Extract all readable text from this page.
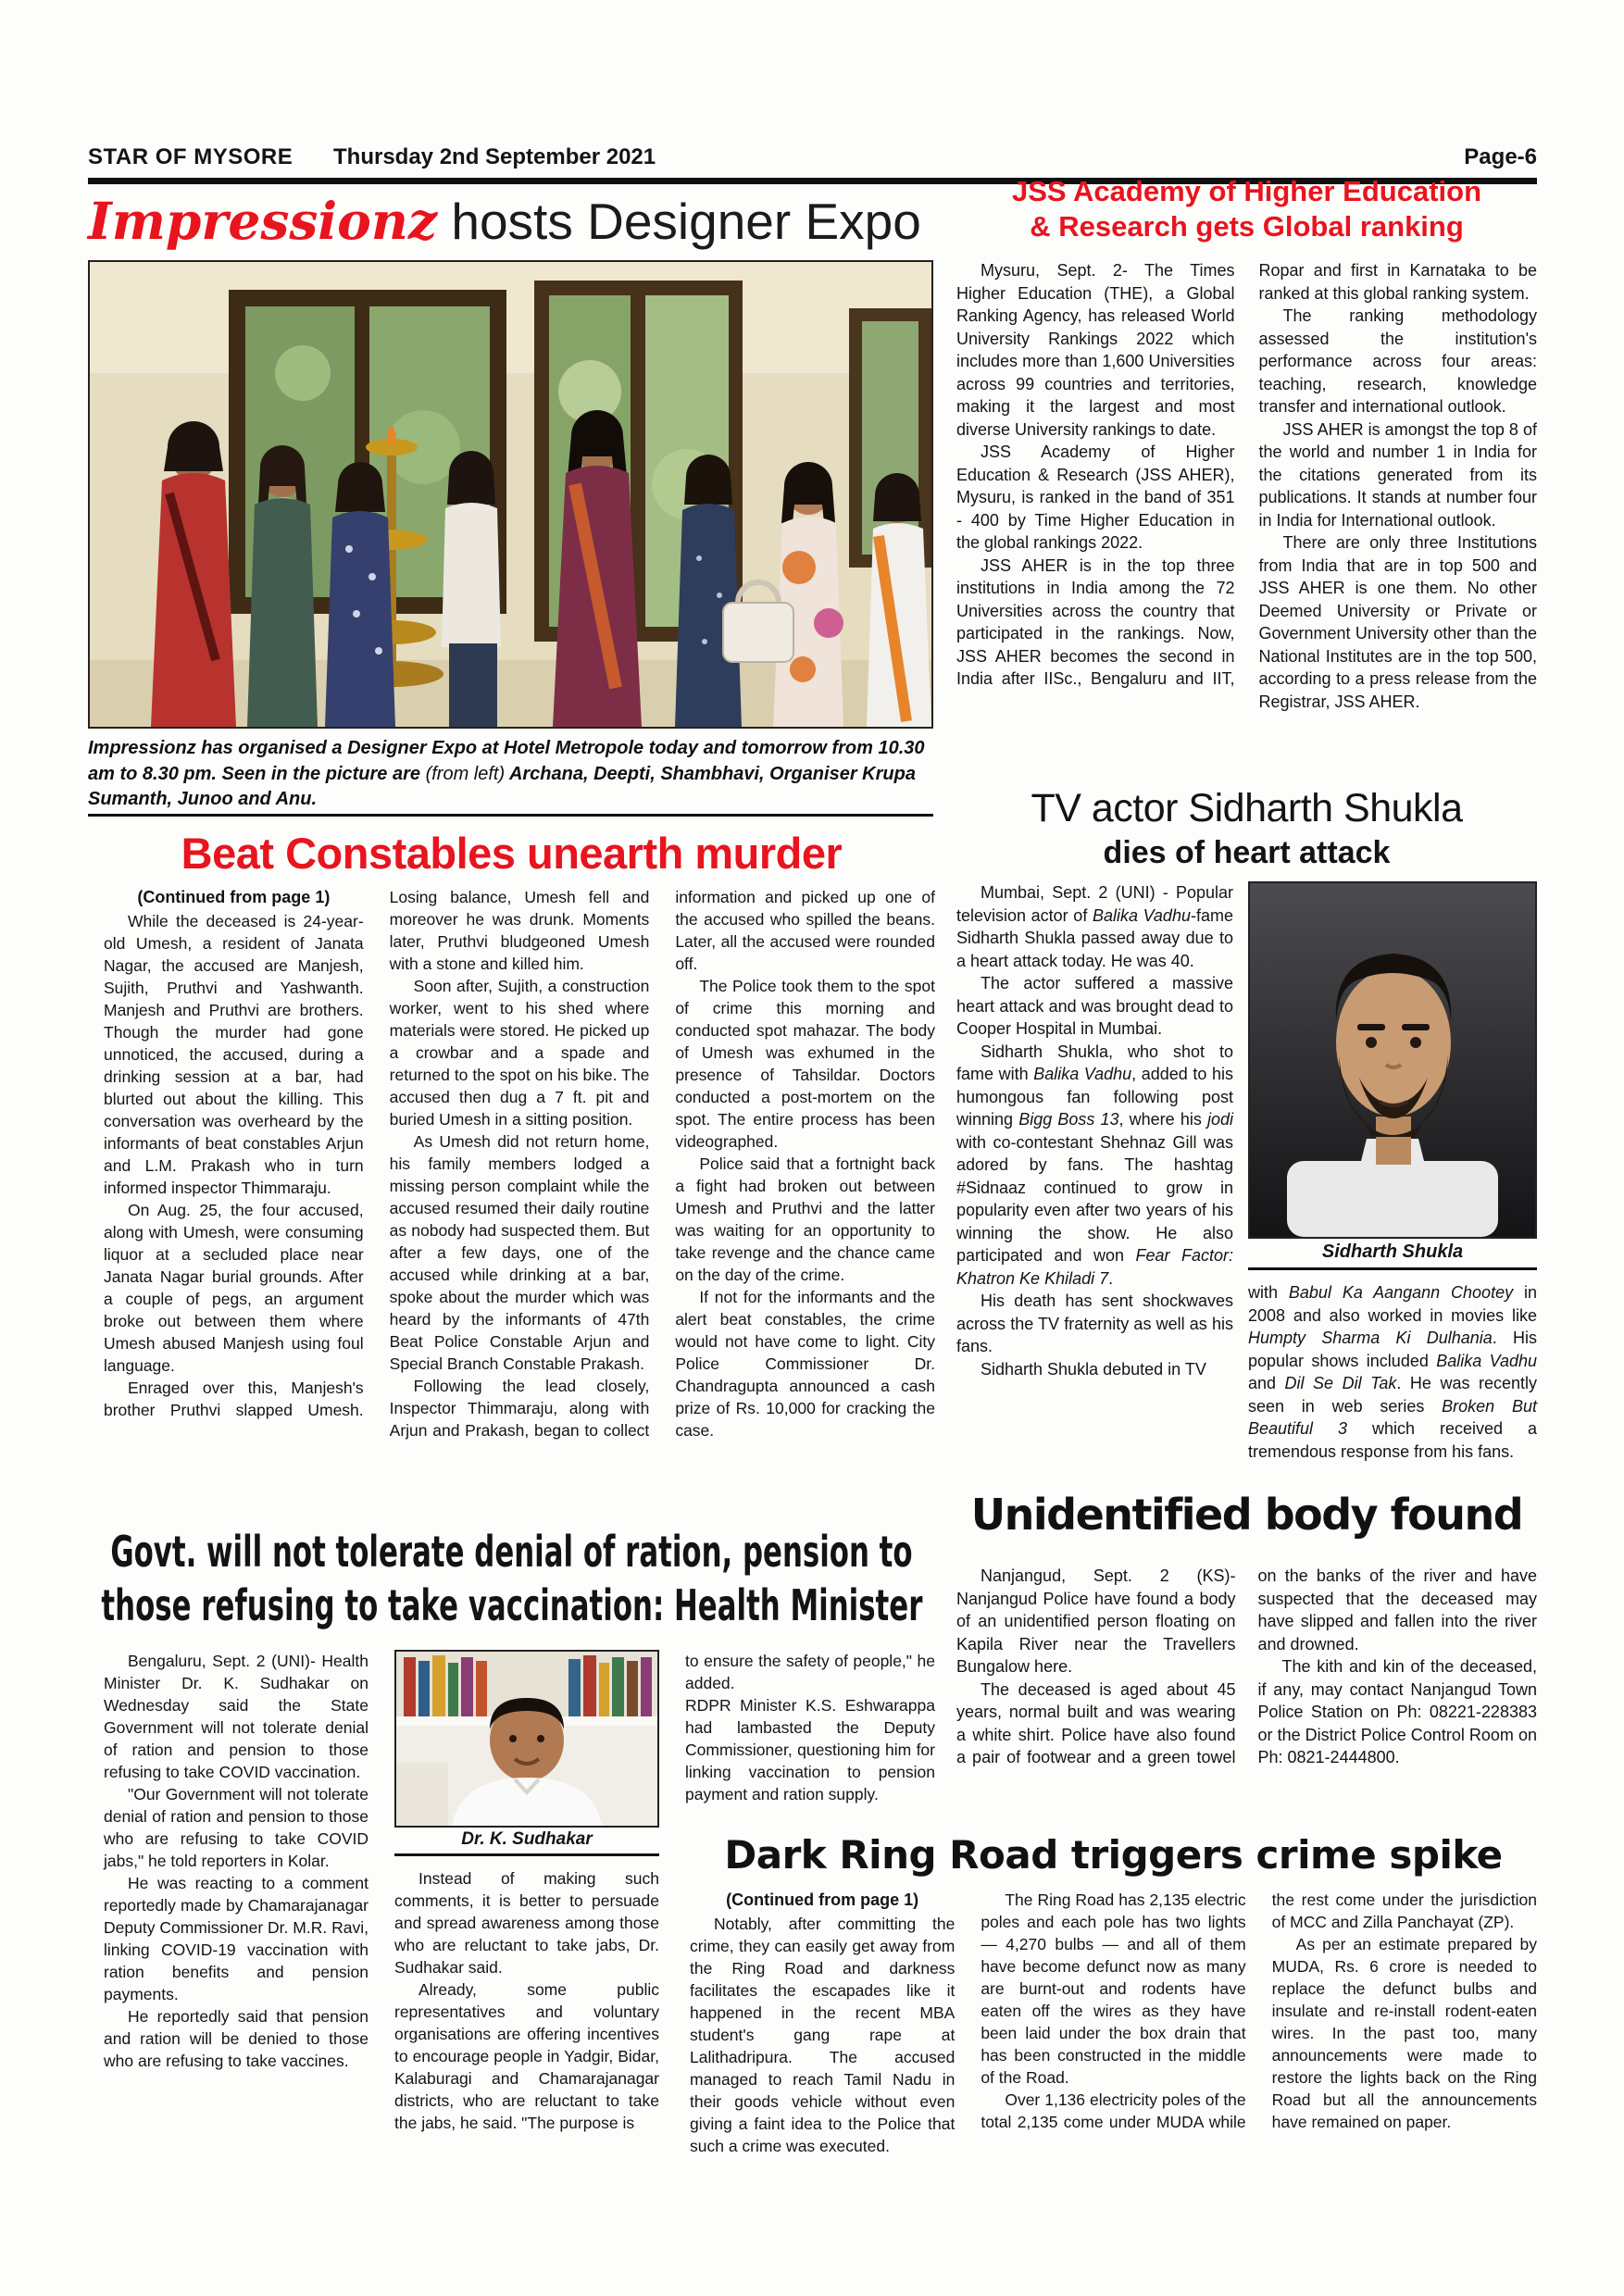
STAR OF MYSORE Thursday 2nd September 2021	Page-6
Impressionz hosts Designer Expo
Impressionz has organised a Designer Expo at Hotel Metropole today and tomorrow from 10.30 am to 8.30 pm. Seen in the picture are (from left) Archana, Deepti, Shambhavi, Organiser Krupa Sumanth, Junoo and Anu.
JSS Academy of Higher Education
& Research gets Global ranking

Mysuru, Sept. 2- The Times Higher Education (THE), a Global Ranking Agency, has released World University Rankings 2022 which includes more than 1,600 Universities across 99 countries and territories, making it the largest and most diverse University rankings to date.

JSS Academy of Higher Education & Research (JSS AHER), Mysuru, is ranked in the band of 351 - 400 by Time Higher Education in the global rankings 2022.

JSS AHER is in the top three institutions in India among the 72 Universities across the country that participated in the rankings. Now, JSS AHER becomes the second in India after IISc., Bengaluru and IIT, Ropar and first in Karnataka to be ranked at this global ranking system.

The ranking methodology assessed the institution's performance across four areas: teaching, research, knowledge transfer and international outlook.

JSS AHER is amongst the top 8 of the world and number 1 in India for the citations generated from its publications. It stands at number four in India for International outlook.

There are only three Institutions from India that are in top 500 and JSS AHER is one them. No other Deemed University or Private or Government University other than the National Institutes are in the top 500, according to a press release from the Registrar, JSS AHER.

Beat Constables unearth murder
(Continued from page 1)

While the deceased is 24-year-old Umesh, a resident of Janata Nagar, the accused are Manjesh, Sujith, Pruthvi and Yashwanth. Manjesh and Pruthvi are brothers. Though the murder had gone unnoticed, the accused, during a drinking session at a bar, had blurted out about the killing. This conversation was overheard by the informants of beat constables Arjun and L.M. Prakash who in turn informed inspector Thimmaraju.

On Aug. 25, the four accused, along with Umesh, were consuming liquor at a secluded place near Janata Nagar burial grounds. After a couple of pegs, an argument broke out between them where Umesh abused Manjesh using foul language.

Enraged over this, Manjesh's brother Pruthvi slapped Umesh. Losing balance, Umesh fell and moreover he was drunk. Moments later, Pruthvi bludgeoned Umesh with a stone and killed him.

Soon after, Sujith, a construction worker, went to his shed where materials were stored. He picked up a crowbar and a spade and returned to the spot on his bike. The accused then dug a 7 ft. pit and buried Umesh in a sitting position.

As Umesh did not return home, his family members lodged a missing person complaint while the accused resumed their daily routine as nobody had suspected them. But after a few days, one of the accused while drinking at a bar, spoke about the murder which was heard by the informants of 47th Beat Police Constable Arjun and Special Branch Constable Prakash.

Following the lead closely, Inspector Thimmaraju, along with Arjun and Prakash, began to collect information and picked up one of the accused who spilled the beans. Later, all the accused were rounded off.

The Police took them to the spot of crime this morning and conducted spot mahazar. The body of Umesh was exhumed in the presence of Tahsildar. Doctors conducted a post-mortem on the spot. The entire process has been videographed.

Police said that a fortnight back a fight had broken out between Umesh and Pruthvi and the latter was waiting for an opportunity to take revenge and the chance came on the day of the crime.

If not for the informants and the alert beat constables, the crime would not have come to light. City Police Commissioner Dr. Chandragupta announced a cash prize of Rs. 10,000 for cracking the case.

TV actor Sidharth Shukla
dies of heart attack

Mumbai, Sept. 2 (UNI) - Popular television actor of Balika Vadhu-fame Sidharth Shukla passed away due to a heart attack today. He was 40.

The actor suffered a massive heart attack and was brought dead to Cooper Hospital in Mumbai.

Sidharth Shukla, who shot to fame with Balika Vadhu, added to his humongous fan following post winning Bigg Boss 13, where his jodi with co-contestant Shehnaz Gill was adored by fans. The hashtag #Sidnaaz continued to grow in popularity even after two years of his winning the show. He also participated and won Fear Factor: Khatron Ke Khiladi 7.

His death has sent shockwaves across the TV fraternity as well as his fans.

Sidharth Shukla debuted in TV

Sidharth Shukla

with Babul Ka Aangann Chootey in 2008 and also worked in movies like Humpty Sharma Ki Dulhania. His popular shows included Balika Vadhu and Dil Se Dil Tak. He was recently seen in web series Broken But Beautiful 3 which received a tremendous response from his fans.

Unidentified body found

Nanjangud, Sept. 2 (KS)- Nanjangud Police have found a body of an unidentified person floating on Kapila River near the Travellers Bungalow here.

The deceased is aged about 45 years, normal built and was wearing a white shirt. Police have also found a pair of footwear and a green towel on the banks of the river and have suspected that the deceased may have slipped and fallen into the river and drowned.

The kith and kin of the deceased, if any, may contact Nanjangud Town Police Station on Ph: 08221-228383 or the District Police Control Room on Ph: 0821-2444800.

Govt. will not tolerate denial of ration, pension to
those refusing to take vaccination: Health Minister

Bengaluru, Sept. 2 (UNI)- Health Minister Dr. K. Sudhakar on Wednesday said the State Government will not tolerate denial of ration and pension to those refusing to take COVID vaccination.

"Our Government will not tolerate denial of ration and pension to those who are refusing to take COVID jabs," he told reporters in Kolar.

He was reacting to a comment reportedly made by Chamarajanagar Deputy Commissioner Dr. M.R. Ravi, linking COVID-19 vaccination with ration benefits and pension payments.

He reportedly said that pension and ration will be denied to those who are refusing to take vaccines.

Dr. K. Sudhakar

Instead of making such comments, it is better to persuade and spread awareness among those who are reluctant to take jabs, Dr. Sudhakar said.

Already, some public representatives and voluntary organisations are offering incentives to encourage people in Yadgir, Bidar, Kalaburagi and Chamarajanagar districts, who are reluctant to take the jabs, he said. "The purpose is

to ensure the safety of people," he added.

RDPR Minister K.S. Eshwarappa had lambasted the Deputy Commissioner, questioning him for linking vaccination to pension payment and ration supply.

Dark Ring Road triggers crime spike
(Continued from page 1)

Notably, after committing the crime, they can easily get away from the Ring Road and darkness facilitates the escapades like it happened in the recent MBA student's gang rape at Lalithadripura. The accused managed to reach Tamil Nadu in their goods vehicle without even giving a faint idea to the Police that such a crime was executed.

The Ring Road has 2,135 electric poles and each pole has two lights — 4,270 bulbs — and all of them have become defunct now as many are burnt-out and rodents have eaten off the wires as they have been laid under the box drain that has been constructed in the middle of the Road.

Over 1,136 electricity poles of the total 2,135 come under MUDA while the rest come under the jurisdiction of MCC and Zilla Panchayat (ZP).

As per an estimate prepared by MUDA, Rs. 6 crore is needed to replace the defunct bulbs and insulate and re-install rodent-eaten wires. In the past too, many announcements were made to restore the lights back on the Ring Road but all the announcements have remained on paper.
